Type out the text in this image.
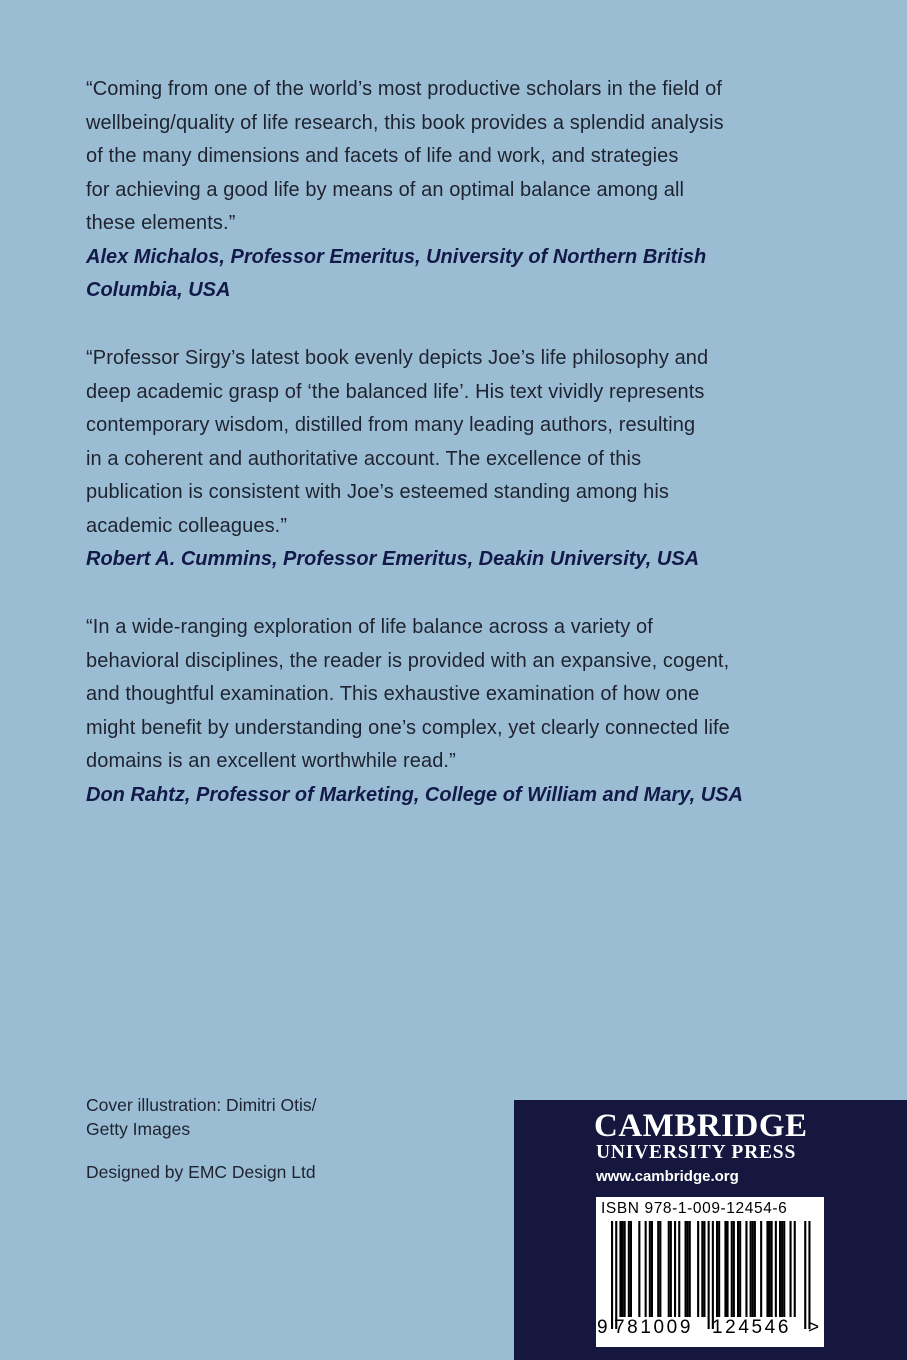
“Coming from one of the world’s most productive scholars in the field of
wellbeing/quality of life research, this book provides a splendid analysis
of the many dimensions and facets of life and work, and strategies
for achieving a good life by means of an optimal balance among all
these elements.”

Alex Michalos, Professor Emeritus, University of Northern British
Columbia, USA

“Professor Sirgy’s latest book evenly depicts Joe’s life philosophy and
deep academic grasp of ‘the balanced life’. His text vividly represents
contemporary wisdom, distilled from many leading authors, resulting
in a coherent and authoritative account. The excellence of this
publication is consistent with Joe’s esteemed standing among his
academic colleagues.”

Robert A. Cummins, Professor Emeritus, Deakin University, USA

“In a wide-ranging exploration of life balance across a variety of
behavioral disciplines, the reader is provided with an expansive, cogent,
and thoughtful examination. This exhaustive examination of how one
might benefit by understanding one’s complex, yet clearly connected life
domains is an excellent worthwhile read.”

Don Rahtz, Professor of Marketing, College of William and Mary, USA

Cover illustration: Dimitri Otis/
Getty Images
Designed by EMC Design Ltd
CAMBRIDGE
UNIVERSITY PRESS
www.cambridge.org
ISBN 978-1-009-12454-6
9 781009 124546 >
